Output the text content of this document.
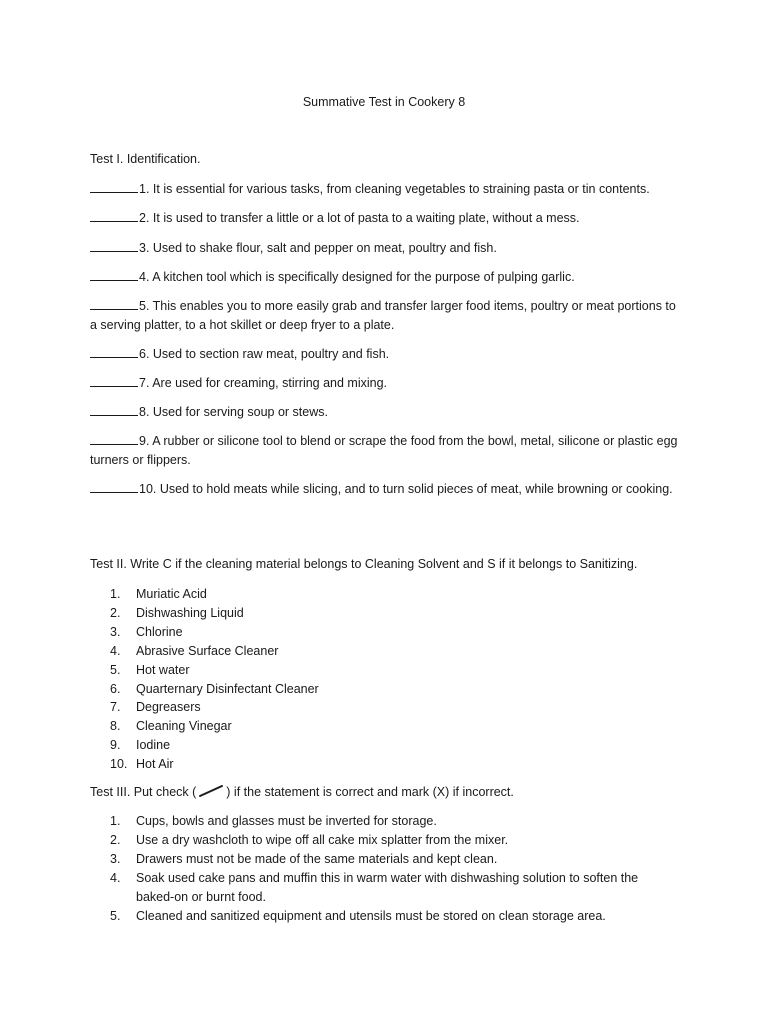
Summative Test in Cookery 8
Test I. Identification.
1. It is essential for various tasks, from cleaning vegetables to straining pasta or tin contents.
2. It is used to transfer a little or a lot of pasta to a waiting plate, without a mess.
3. Used to shake flour, salt and pepper on meat, poultry and fish.
4. A kitchen tool which is specifically designed for the purpose of pulping garlic.
5. This enables you to more easily grab and transfer larger food items, poultry or meat portions to a serving platter, to a hot skillet or deep fryer to a plate.
6. Used to section raw meat, poultry and fish.
7. Are used for creaming, stirring and mixing.
8. Used for serving soup or stews.
9. A rubber or silicone tool to blend or scrape the food from the bowl, metal, silicone or plastic egg turners or flippers.
10. Used to hold meats while slicing, and to turn solid pieces of meat, while browning or cooking.
Test II. Write C if the cleaning material belongs to Cleaning Solvent and S if it belongs to Sanitizing.
1.	Muriatic Acid
2.	Dishwashing Liquid
3.	Chlorine
4.	Abrasive Surface Cleaner
5.	Hot water
6.	Quarternary Disinfectant Cleaner
7.	Degreasers
8.	Cleaning Vinegar
9.	Iodine
10. Hot Air
Test III. Put check ( ) if the statement is correct and mark (X) if incorrect.
1.	Cups, bowls and glasses must be inverted for storage.
2.	Use a dry washcloth to wipe off all cake mix splatter from the mixer.
3.	Drawers must not be made of the same materials and kept clean.
4.	Soak used cake pans and muffin this in warm water with dishwashing solution to soften the baked-on or burnt food.
5.	Cleaned and sanitized equipment and utensils must be stored on clean storage area.
